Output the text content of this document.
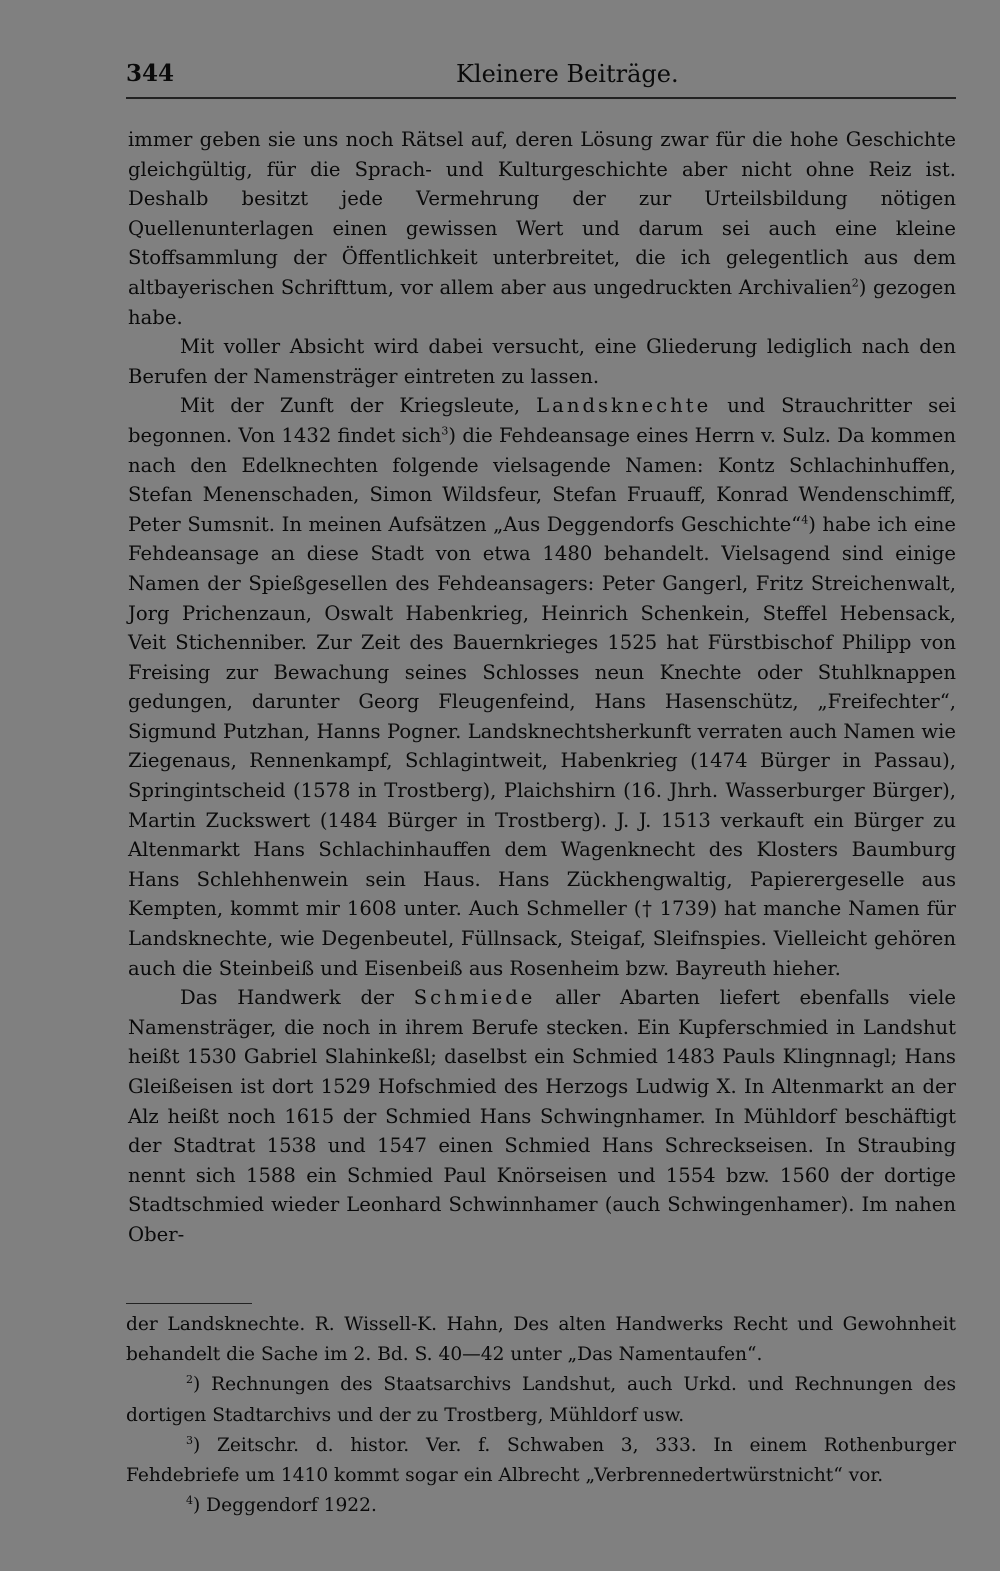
344	Kleinere Beiträge.

immer geben sie uns noch Rätsel auf, deren Lösung zwar für die hohe Geschichte gleichgültig, für die Sprach- und Kulturgeschichte aber nicht ohne Reiz ist. Deshalb besitzt jede Vermehrung der zur Urteilsbildung nötigen Quellenunterlagen einen gewissen Wert und darum sei auch eine kleine Stoffsammlung der Öffentlichkeit unterbreitet, die ich gelegentlich aus dem altbayerischen Schrifttum, vor allem aber aus ungedruckten Archivalien$^2$) gezogen habe.

Mit voller Absicht wird dabei versucht, eine Gliederung lediglich nach den Berufen der Namensträger eintreten zu lassen.

Mit der Zunft der Kriegsleute, Landsknechte und Strauchritter sei begonnen. Von 1432 findet sich$^3$) die Fehdeansage eines Herrn v. Sulz. Da kommen nach den Edelknechten folgende vielsagende Namen: Kontz Schlachinhuffen, Stefan Menenschaden, Simon Wildsfeur, Stefan Fruauff, Konrad Wendenschimff, Peter Sumsnit. In meinen Aufsätzen „Aus Deggendorfs Geschichte“$^4$) habe ich eine Fehdeansage an diese Stadt von etwa 1480 behandelt. Vielsagend sind einige Namen der Spießgesellen des Fehdeansagers: Peter Gangerl, Fritz Streichenwalt, Jorg Prichenzaun, Oswalt Habenkrieg, Heinrich Schenkein, Steffel Hebensack, Veit Stichenniber. Zur Zeit des Bauernkrieges 1525 hat Fürstbischof Philipp von Freising zur Bewachung seines Schlosses neun Knechte oder Stuhlknappen gedungen, darunter Georg Fleugenfeind, Hans Hasenschütz, „Freifechter“, Sigmund Putzhan, Hanns Pogner. Landsknechtsherkunft verraten auch Namen wie Ziegenaus, Rennenkampf, Schlagintweit, Habenkrieg (1474 Bürger in Passau), Springintscheid (1578 in Trostberg), Plaichshirn (16. Jhrh. Wasserburger Bürger), Martin Zuckswert (1484 Bürger in Trostberg). J. J. 1513 verkauft ein Bürger zu Altenmarkt Hans Schlachinhauffen dem Wagenknecht des Klosters Baumburg Hans Schlehhenwein sein Haus. Hans Zückhengwaltig, Papierergeselle aus Kempten, kommt mir 1608 unter. Auch Schmeller († 1739) hat manche Namen für Landsknechte, wie Degenbeutel, Füllnsack, Steigaf, Sleifnspies. Vielleicht gehören auch die Steinbeiß und Eisenbeiß aus Rosenheim bzw. Bayreuth hieher.

Das Handwerk der Schmiede aller Abarten liefert ebenfalls viele Namensträger, die noch in ihrem Berufe stecken. Ein Kupferschmied in Landshut heißt 1530 Gabriel Slahinkeßl; daselbst ein Schmied 1483 Pauls Klingnnagl; Hans Gleißeisen ist dort 1529 Hofschmied des Herzogs Ludwig X. In Altenmarkt an der Alz heißt noch 1615 der Schmied Hans Schwingnhamer. In Mühldorf beschäftigt der Stadtrat 1538 und 1547 einen Schmied Hans Schreckseisen. In Straubing nennt sich 1588 ein Schmied Paul Knörseisen und 1554 bzw. 1560 der dortige Stadtschmied wieder Leonhard Schwinnhamer (auch Schwingenhamer). Im nahen Ober-

der Landsknechte. R. Wissell-K. Hahn, Des alten Handwerks Recht und Gewohnheit behandelt die Sache im 2. Bd. S. 40—42 unter „Das Namentaufen“.

$^2$) Rechnungen des Staatsarchivs Landshut, auch Urkd. und Rechnungen des dortigen Stadtarchivs und der zu Trostberg, Mühldorf usw.

$^3$) Zeitschr. d. histor. Ver. f. Schwaben 3, 333. In einem Rothenburger Fehdebriefe um 1410 kommt sogar ein Albrecht „Verbrennedertwürstnicht“ vor.

$^4$) Deggendorf 1922.
